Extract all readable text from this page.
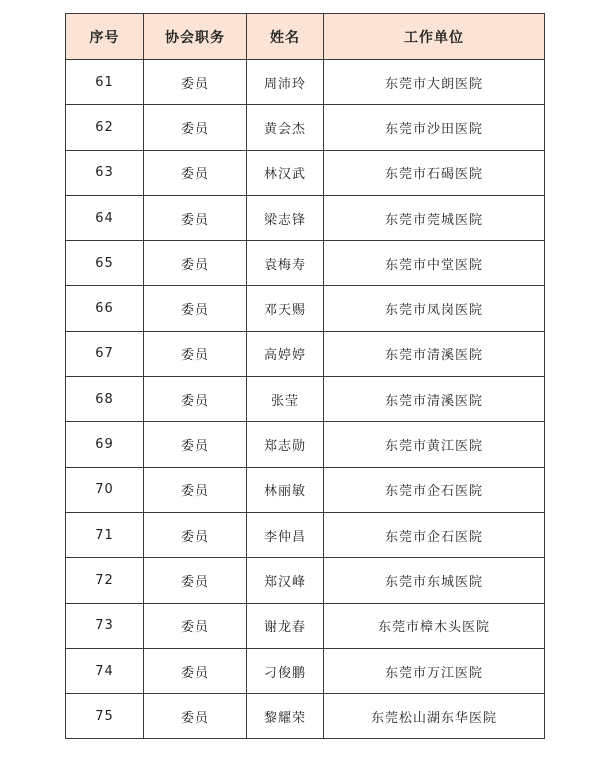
序号	协会职务	姓名	工作单位
61	委员	周沛玲	东莞市大朗医院
62	委员	黄会杰	东莞市沙田医院
63	委员	林汉武	东莞市石碣医院
64	委员	梁志锋	东莞市莞城医院
65	委员	袁梅寿	东莞市中堂医院
66	委员	邓天赐	东莞市凤岗医院
67	委员	高婷婷	东莞市清溪医院
68	委员	张莹	东莞市清溪医院
69	委员	郑志勋	东莞市黄江医院
70	委员	林丽敏	东莞市企石医院
71	委员	李仲昌	东莞市企石医院
72	委员	郑汉峰	东莞市东城医院
73	委员	谢龙春	东莞市樟木头医院
74	委员	刁俊鹏	东莞市万江医院
75	委员	黎耀荣	东莞松山湖东华医院
